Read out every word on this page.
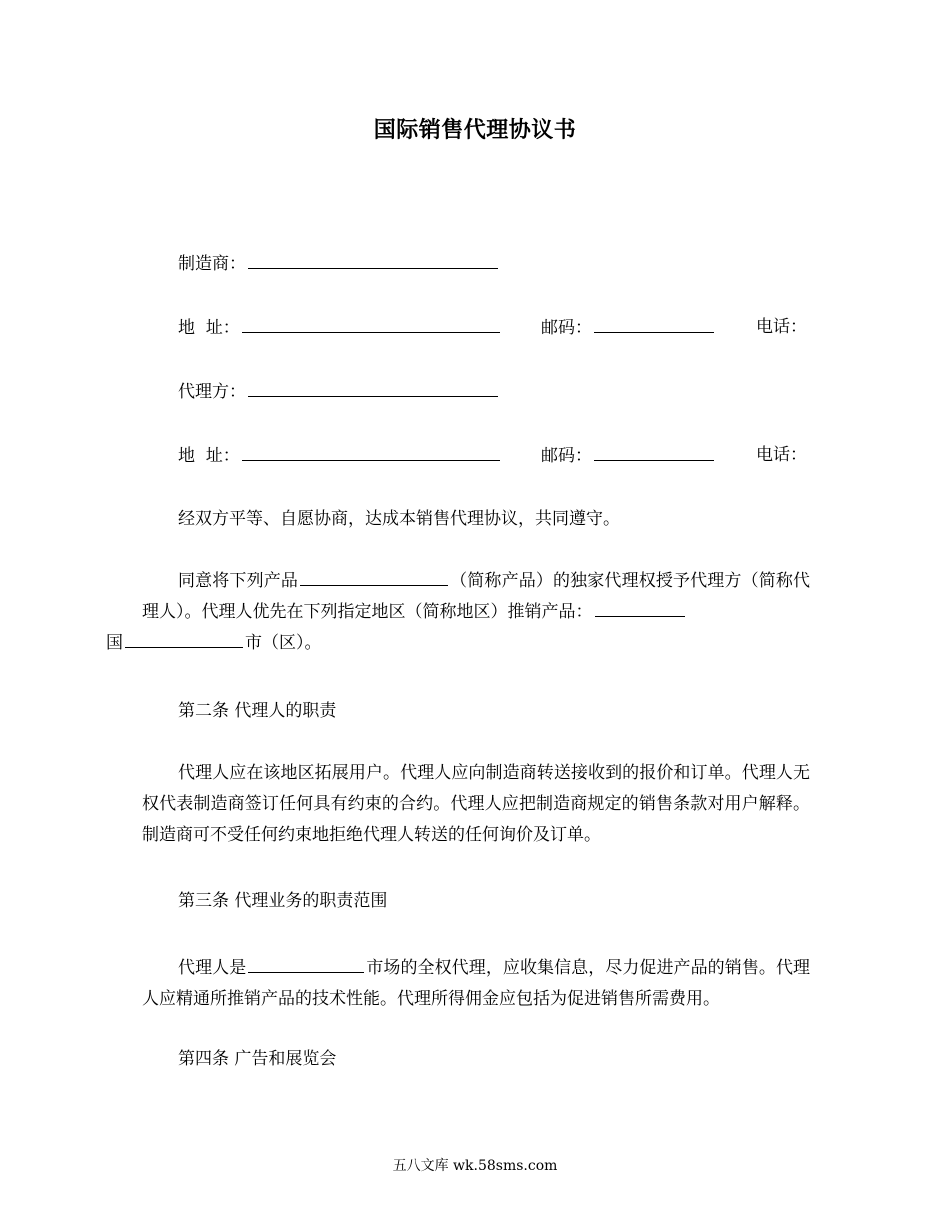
国际销售代理协议书
制造商：
地  址：	邮码：	电话：
代理方：
地  址：	邮码：	电话：
经双方平等、自愿协商，达成本销售代理协议，共同遵守。
同意将下列产品	（简称产品）的独家代理权授予代理方（简称代理人）。代理人优先在下列指定地区（简称地区）推销产品：
国	市（区）。
第二条 代理人的职责
代理人应在该地区拓展用户。代理人应向制造商转送接收到的报价和订单。代理人无权代表制造商签订任何具有约束的合约。代理人应把制造商规定的销售条款对用户解释。制造商可不受任何约束地拒绝代理人转送的任何询价及订单。
第三条 代理业务的职责范围
代理人是	市场的全权代理，应收集信息，尽力促进产品的销售。代理人应精通所推销产品的技术性能。代理所得佣金应包括为促进销售所需费用。
第四条 广告和展览会
五八文库 wk.58sms.com
